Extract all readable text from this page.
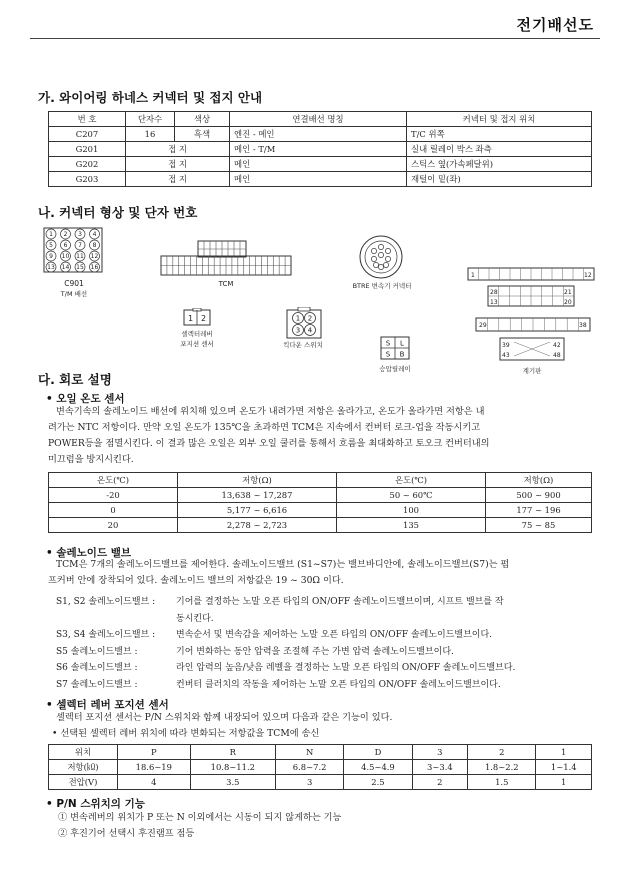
전기배선도
가. 와이어링 하네스 커넥터 및 접지 안내
번 호	단자수	색상	연결배선 명칭	커넥터 및 접지 위치
C207	16	흑색	엔진 - 메인	T/C 위쪽
G201	접 지		메인 - T/M	실내 릴레이 박스 좌측
G202	접 지		메인	스틱스 옆(가속페달위)
G203	접 지		메인	재털이 밑(좌)
나. 커넥터 형상 및 단자 번호
1 2 3 4
5 6 7 8
9 10 11 12
13 14 15 16
C901
T/M 배선
TCM	BTRE 변속기 커넥터
1 2
셀렉터레버
포지션 센서
1 2
3 4
킥다운 스위치	S L
S B
승압릴레이
1	12
28	21
13	20
29	38
39	42
43	48
계기판
다. 회로 설명
• 오일 온도 센서
변속기속의 솔레노이드 배선에 위치해 있으며 온도가 내려가면 저항은 올라가고, 온도가 올라가면 저항은 내
려가는 NTC 저항이다. 만약 오일 온도가 135℃을 초과하면 TCM은 지속에서 컨버터 로크-업을 작동시키고
POWER등을 점멸시킨다. 이 결과 많은 오일은 외부 오일 쿨러를 통해서 흐름을 최대화하고 토오크 컨버터내의
미끄럼을 방지시킨다.
온도(℃)	저항(Ω)	온도(℃)	저항(Ω)
-20	13,638 ~ 17,287	50 ~ 60℃	500 ~ 900
0	5,177 ~ 6,616	100	177 ~ 196
20	2,278 ~ 2,723	135	75 ~ 85
• 솔레노이드 밸브
TCM은 7개의 솔레노이드밸브를 제어한다. 솔레노이드밸브 (S1~S7)는 밸브바디안에, 솔레노이드밸브(S7)는 펌
프커버 안에 장착되어 있다. 솔레노이드 밸브의 저항값은 19 ~ 30Ω 이다.
S1, S2 솔레노이드밸브 : 기어를 결정하는 노말 오픈 타입의 ON/OFF 솔레노이드밸브이며, 시프트 밸브를 작
동시킨다.
S3, S4 솔레노이드밸브 : 변속순서 및 변속감을 제어하는 노말 오픈 타입의 ON/OFF 솔레노이드밸브이다.
S5 솔레노이드밸브 :	기어 변화하는 동안 압력을 조절해 주는 가변 압력 솔레노이드밸브이다.
S6 솔레노이드밸브 :	라인 압력의 높음/낮음 레벨을 결정하는 노말 오픈 타입의 ON/OFF 솔레노이드밸브다.
S7 솔레노이드밸브 :	컨버터 클러치의 작동을 제어하는 노말 오픈 타입의 ON/OFF 솔레노이드밸브이다.
• 셀렉터 레버 포지션 센서
셀렉터 포지션 센서는 P/N 스위치와 함께 내장되어 있으며 다음과 같은 기능이 있다.
• 선택된 셀렉터 레버 위치에 따라 변화되는 저항값을 TCM에 송신
위치	P	R	N	D	3	2	1
저항(㏀)	18.6~19	10.8~11.2	6.8~7.2	4.5~4.9	3~3.4	1.8~2.2	1~1.4
전압(V)	4	3.5	3	2.5	2	1.5	1
• P/N 스위치의 기능
① 변속레버의 위치가 P 또는 N 이외에서는 시동이 되지 않게하는 기능
② 후진기어 선택시 후진램프 점등
